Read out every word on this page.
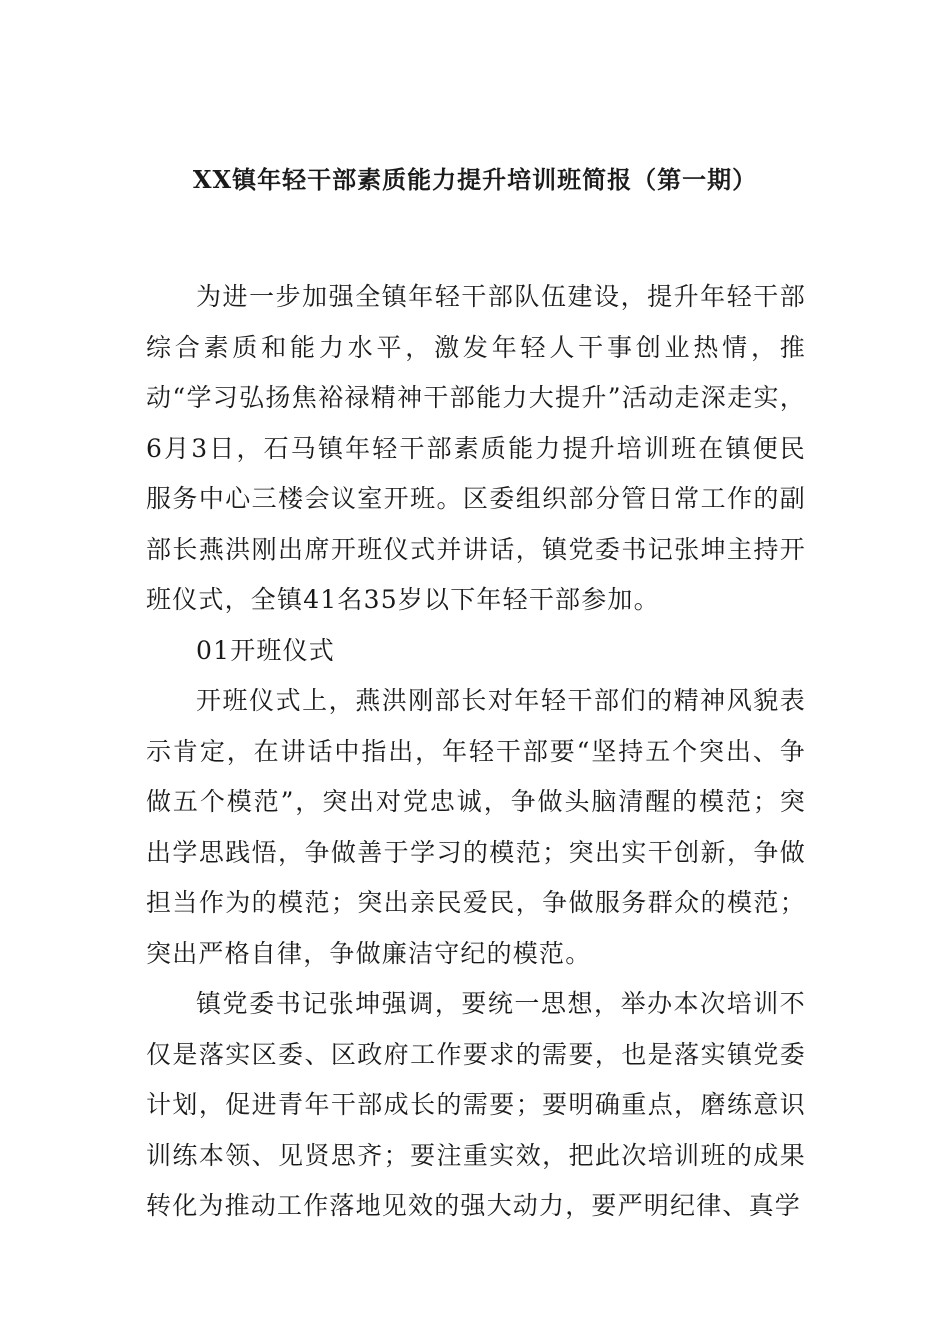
XX镇年轻干部素质能力提升培训班简报（第一期）

为进一步加强全镇年轻干部队伍建设，提升年轻干部综合素质和能力水平，激发年轻人干事创业热情，推动“学习弘扬焦裕禄精神干部能力大提升”活动走深走实，6月3日，石马镇年轻干部素质能力提升培训班在镇便民服务中心三楼会议室开班。区委组织部分管日常工作的副部长燕洪刚出席开班仪式并讲话，镇党委书记张坤主持开班仪式，全镇41名35岁以下年轻干部参加。

01开班仪式

开班仪式上，燕洪刚部长对年轻干部们的精神风貌表示肯定，在讲话中指出，年轻干部要“坚持五个突出、争做五个模范”，突出对党忠诚，争做头脑清醒的模范；突出学思践悟，争做善于学习的模范；突出实干创新，争做担当作为的模范；突出亲民爱民，争做服务群众的模范；突出严格自律，争做廉洁守纪的模范。

镇党委书记张坤强调，要统一思想，举办本次培训不仅是落实区委、区政府工作要求的需要，也是落实镇党委计划，促进青年干部成长的需要；要明确重点，磨练意识训练本领、见贤思齐；要注重实效，把此次培训班的成果转化为推动工作落地见效的强大动力，要严明纪律、真学
